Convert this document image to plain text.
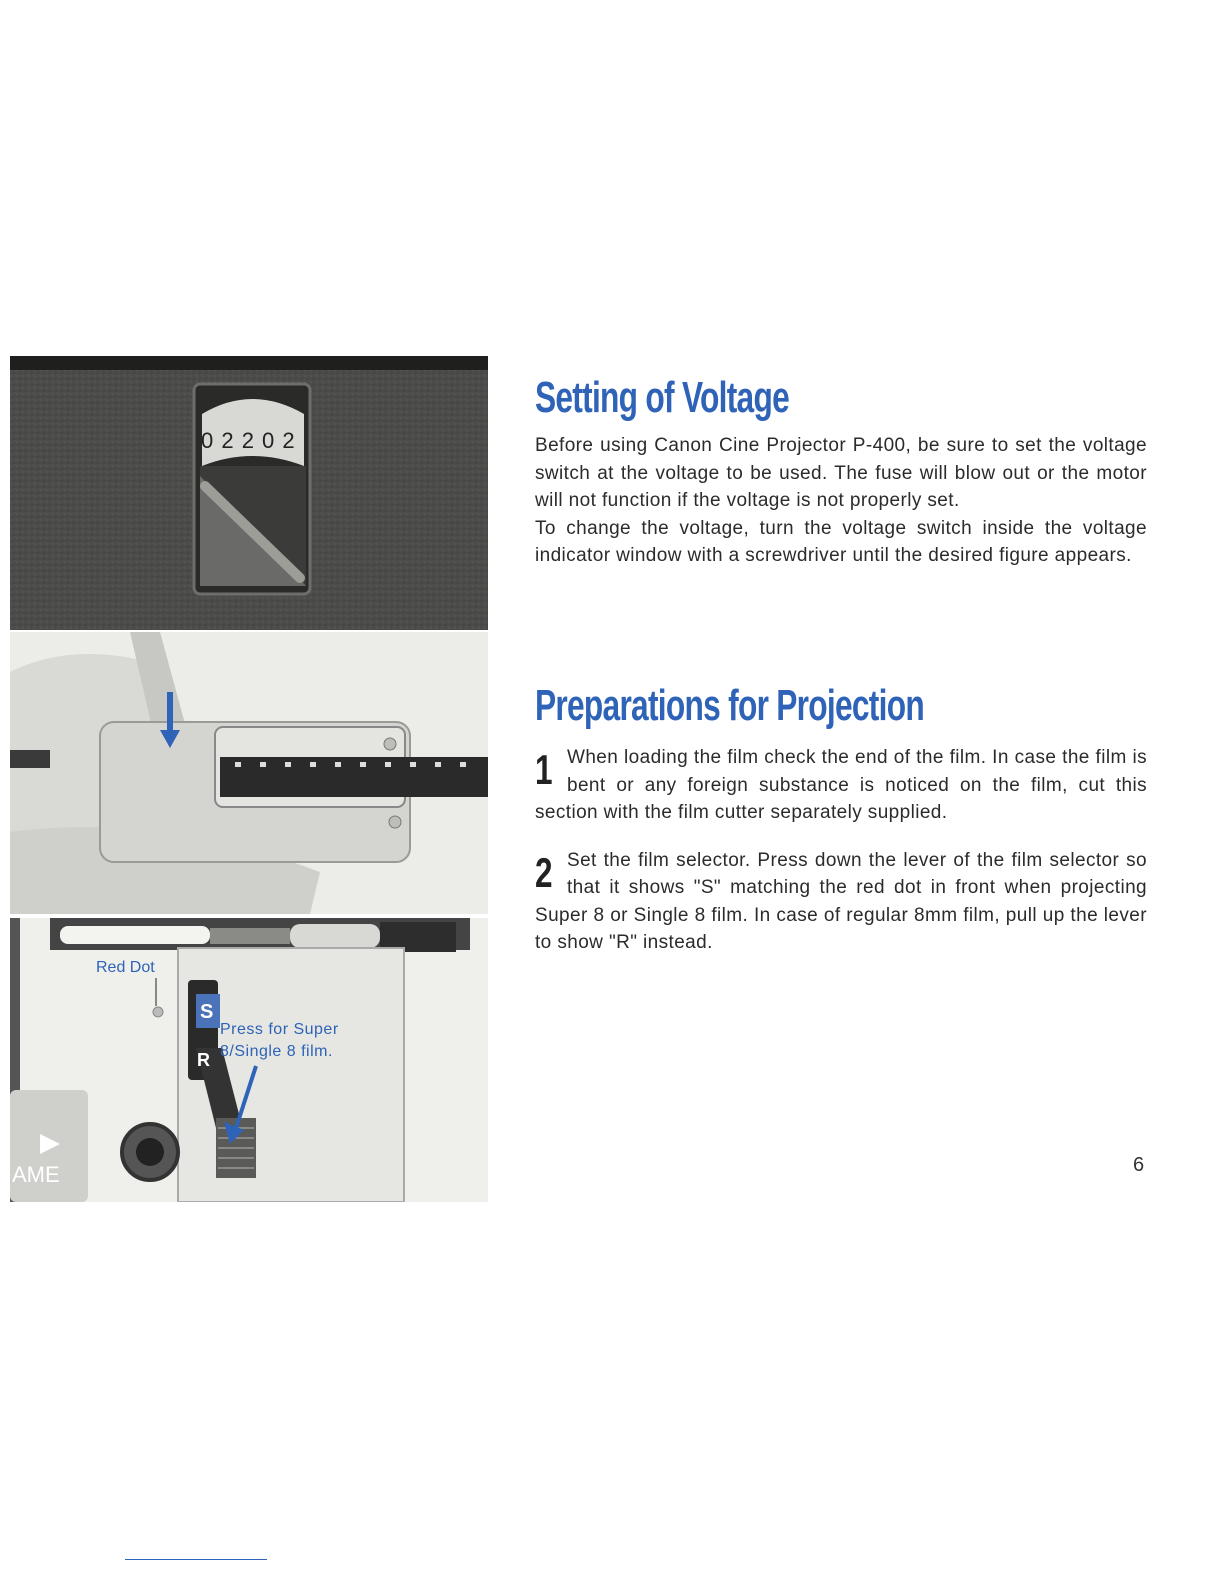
0 2 2 0 2
Red Dot
S
R
Press for Super
8/Single 8 film.
AME
Setting of Voltage

Before using Canon Cine Projector P-400, be sure to set the voltage switch at the voltage to be used. The fuse will blow out or the motor will not function if the voltage is not properly set.

To change the voltage, turn the voltage switch inside the voltage indicator window with a screwdriver until the desired figure appears.

Preparations for Projection
1 When loading the film check the end of the film. In case the film is bent or any foreign substance is noticed on the film, cut this section with the film cutter separately supplied.

2 Set the film selector. Press down the lever of the film selector so that it shows "S" matching the red dot in front when projecting Super 8 or Single 8 film. In case of regular 8mm film, pull up the lever to show "R" instead.

6
